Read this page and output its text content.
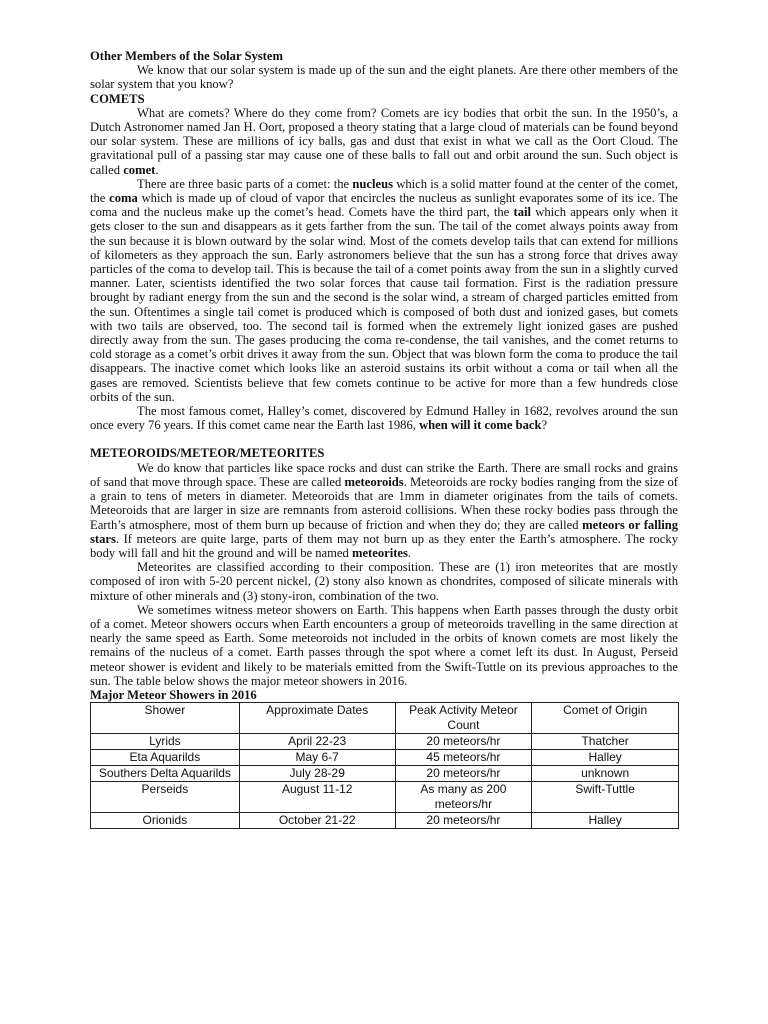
Other Members of the Solar System

We know that our solar system is made up of the sun and the eight planets. Are there other members of the solar system that you know?

COMETS

What are comets? Where do they come from? Comets are icy bodies that orbit the sun. In the 1950’s, a Dutch Astronomer named Jan H. Oort, proposed a theory stating that a large cloud of materials can be found beyond our solar system. These are millions of icy balls, gas and dust that exist in what we call as the Oort Cloud. The gravitational pull of a passing star may cause one of these balls to fall out and orbit around the sun. Such object is called comet.

There are three basic parts of a comet: the nucleus which is a solid matter found at the center of the comet, the coma which is made up of cloud of vapor that encircles the nucleus as sunlight evaporates some of its ice. The coma and the nucleus make up the comet’s head. Comets have the third part, the tail which appears only when it gets closer to the sun and disappears as it gets farther from the sun. The tail of the comet always points away from the sun because it is blown outward by the solar wind. Most of the comets develop tails that can extend for millions of kilometers as they approach the sun. Early astronomers believe that the sun has a strong force that drives away particles of the coma to develop tail. This is because the tail of a comet points away from the sun in a slightly curved manner. Later, scientists identified the two solar forces that cause tail formation. First is the radiation pressure brought by radiant energy from the sun and the second is the solar wind, a stream of charged particles emitted from the sun. Oftentimes a single tail comet is produced which is composed of both dust and ionized gases, but comets with two tails are observed, too. The second tail is formed when the extremely light ionized gases are pushed directly away from the sun. The gases producing the coma re-condense, the tail vanishes, and the comet returns to cold storage as a comet’s orbit drives it away from the sun. Object that was blown form the coma to produce the tail disappears. The inactive comet which looks like an asteroid sustains its orbit without a coma or tail when all the gases are removed. Scientists believe that few comets continue to be active for more than a few hundreds close orbits of the sun.

The most famous comet, Halley’s comet, discovered by Edmund Halley in 1682, revolves around the sun once every 76 years. If this comet came near the Earth last 1986, when will it come back?

METEOROIDS/METEOR/METEORITES

We do know that particles like space rocks and dust can strike the Earth. There are small rocks and grains of sand that move through space. These are called meteoroids. Meteoroids are rocky bodies ranging from the size of a grain to tens of meters in diameter. Meteoroids that are 1mm in diameter originates from the tails of comets. Meteoroids that are larger in size are remnants from asteroid collisions. When these rocky bodies pass through the Earth’s atmosphere, most of them burn up because of friction and when they do; they are called meteors or falling stars. If meteors are quite large, parts of them may not burn up as they enter the Earth’s atmosphere. The rocky body will fall and hit the ground and will be named meteorites.

Meteorites are classified according to their composition. These are (1) iron meteorites that are mostly composed of iron with 5-20 percent nickel, (2) stony also known as chondrites, composed of silicate minerals with mixture of other minerals and (3) stony-iron, combination of the two.

We sometimes witness meteor showers on Earth. This happens when Earth passes through the dusty orbit of a comet. Meteor showers occurs when Earth encounters a group of meteoroids travelling in the same direction at nearly the same speed as Earth. Some meteoroids not included in the orbits of known comets are most likely the remains of the nucleus of a comet. Earth passes through the spot where a comet left its dust. In August, Perseid meteor shower is evident and likely to be materials emitted from the Swift-Tuttle on its previous approaches to the sun. The table below shows the major meteor showers in 2016.

Major Meteor Showers in 2016

Shower	Approximate Dates	Peak Activity Meteor Count	Comet of Origin
Lyrids	April 22-23	20 meteors/hr	Thatcher
Eta Aquarilds	May 6-7	45 meteors/hr	Halley
Southers Delta Aquarilds	July 28-29	20 meteors/hr	unknown
Perseids	August 11-12	As many as 200 meteors/hr	Swift-Tuttle
Orionids	October 21-22	20 meteors/hr	Halley
